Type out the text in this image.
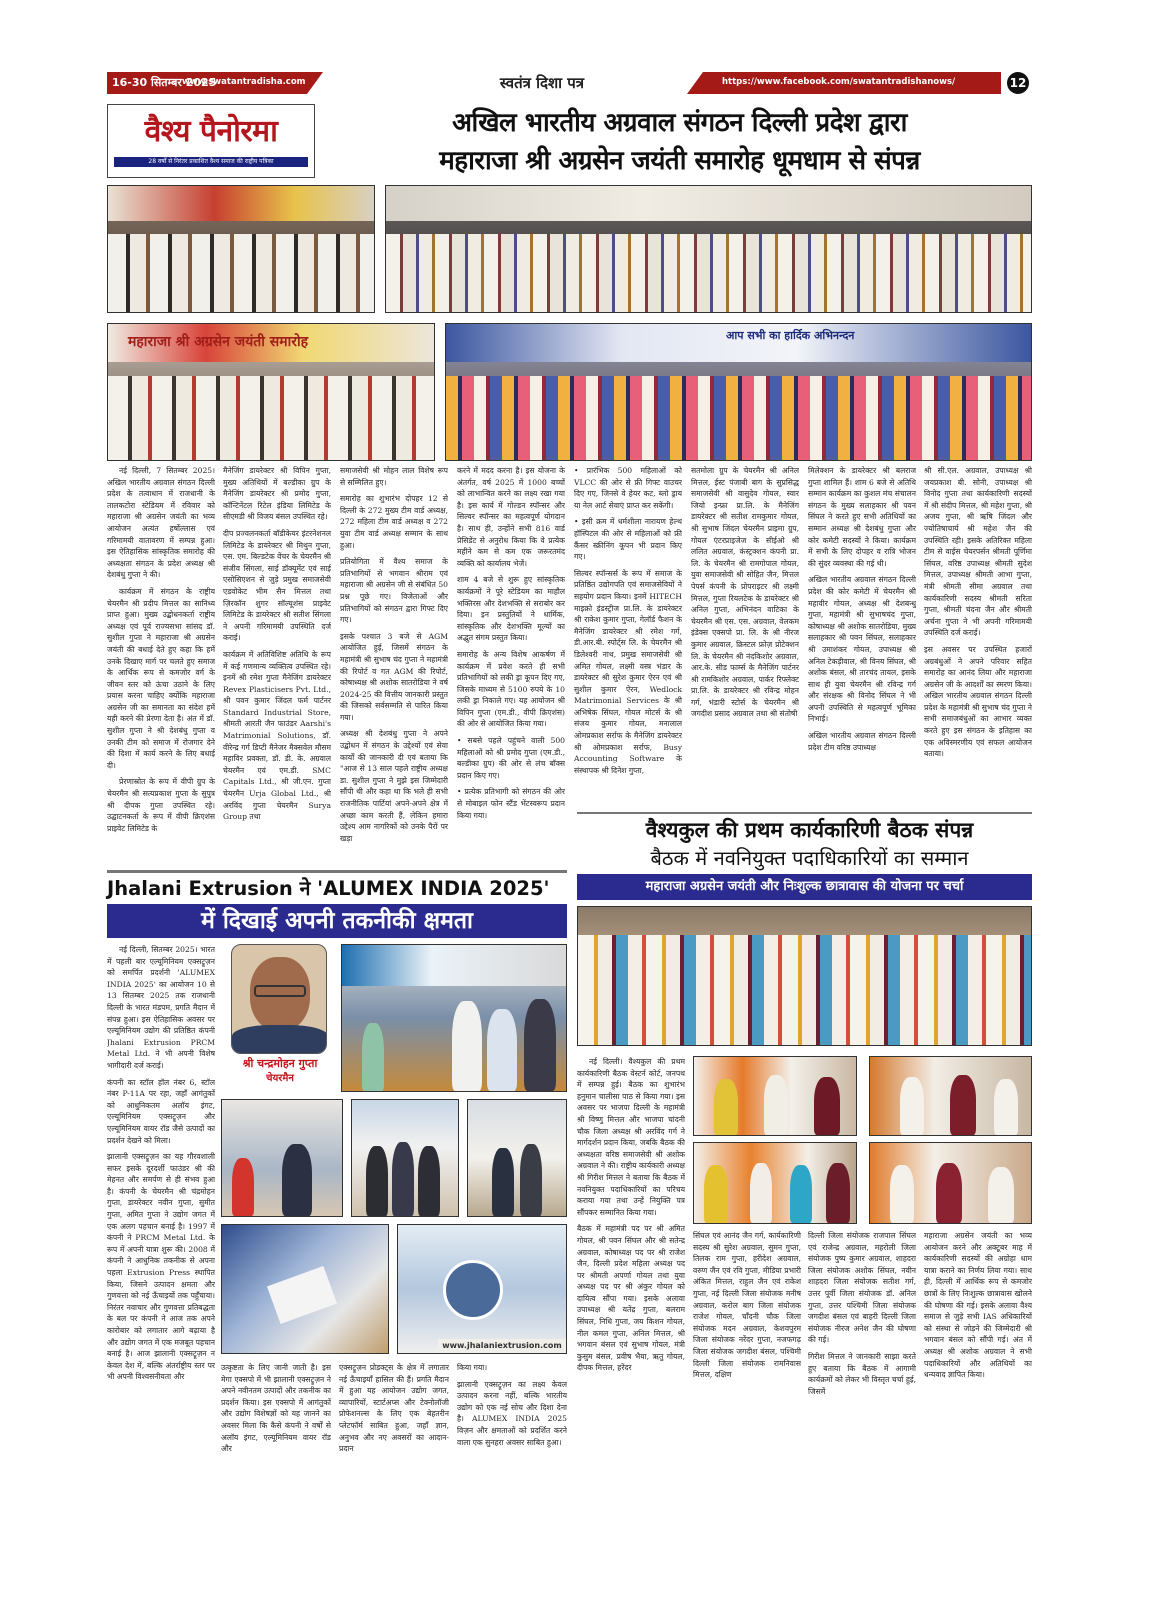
16-30 सितम्बर 2025
www.swatantradisha.com	स्वतंत्र दिशा पत्र	https://www.facebook.com/swatantradishanows/	12
वैश्य पैनोरमा
28 वर्षों से निरंतर प्रकाशित वैश्य समाज की राष्ट्रीय पत्रिका
अखिल भारतीय अग्रवाल संगठन दिल्ली प्रदेश द्वारा
महाराजा श्री अग्रसेन जयंती समारोह धूमधाम से संपन्न
महाराजा श्री अग्रसेन जयंती समारोह	आप सभी का हार्दिक अभिनन्दन

नई दिल्ली, 7 सितम्बर 2025। अखिल भारतीय अग्रवाल संगठन दिल्ली प्रदेश के तत्वाधान में राजधानी के तालकटोरा स्टेडियम में रविवार को महाराजा श्री अग्रसेन जयंती का भव्य आयोजन अत्यंत हर्षोल्लास एवं गरिमामयी वातावरण में सम्पन्न हुआ। इस ऐतिहासिक सांस्कृतिक समारोह की अध्यक्षता संगठन के प्रदेश अध्यक्ष श्री देशबंधु गुप्ता ने की।

कार्यक्रम में संगठन के राष्ट्रीय चेयरमैन श्री प्रदीप मित्तल का सानिध्य प्राप्त हुआ। मुख्य उद्बोधनकर्ता राष्ट्रीय अध्यक्ष एवं पूर्व राज्यसभा सांसद डॉ. सुशील गुप्ता ने महाराजा श्री अग्रसेन जयंती की बधाई देते हुए कहा कि हमें उनके दिखाए मार्ग पर चलते हुए समाज के आर्थिक रूप से कमजोर वर्ग के जीवन स्तर को ऊंचा उठाने के लिए प्रयास करना चाहिए क्योंकि महाराजा अग्रसेन जी का समानता का संदेश हमें यही करने की प्रेरणा देता है। अंत में डॉ. सुशील गुप्ता ने श्री देशबंधु गुप्ता व उनकी टीम को समाज में रोजगार देने की दिशा में कार्य करने के लिए बधाई दी।

प्रेरणास्रोत के रूप में वीपी ग्रुप के चेयरमैन श्री सत्यप्रकाश गुप्ता के सुपुत्र श्री दीपक गुप्ता उपस्थित रहे। उद्घाटनकर्ता के रूप में वीपी क्रिएशंस प्राइवेट लिमिटेड के

मैनेजिंग डायरेक्टर श्री विपिन गुप्ता, मुख्य अतिथियों में बल्डीका ग्रुप के मैनेजिंग डायरेक्टर श्री प्रमोद गुप्ता, कॉन्टिनेंटल रिटेल इंडिया लिमिटेड के सीएमडी श्री विजय बंसल उपस्थित रहे।

दीप प्रज्वलनकर्ता बॉडीकेयर इंटरनेशनल लिमिटेड के डायरेक्टर श्री मिथुन गुप्ता, एस. एम. बिल्डटेक वेंचर के चेयरमैन श्री संजीव सिंगला, साई डॉक्यूमेंट एवं साई एसोसिएशन से जुड़े प्रमुख समाजसेवी एडवोकेट भीम सैन मित्तल तथा ज़िरकॉन शुगर सॉल्यूशंस प्राइवेट लिमिटेड के डायरेक्टर श्री सतीश सिंगला ने अपनी गरिमामयी उपस्थिति दर्ज कराई।

कार्यक्रम में अतिविशिष्ट अतिथि के रूप में कई गणमान्य व्यक्तित्व उपस्थित रहे। इनमें श्री रमेश गुप्ता मैनेजिंग डायरेक्टर Revex Plasticisers Pvt. Ltd., श्री पवन कुमार जिंदल फर्म पार्टनर Standard Industrial Store, श्रीमती आरती जैन फाउंडर Aarshi's Matrimonial Solutions, डॉ. वीरेन्द्र गर्ग डिप्टी मैनेजर मैक्सवेल मौसम महाविर प्रवक्ता, डॉ. डी. के. अग्रवाल चेयरमैन एवं एम.डी. SMC Capitals Ltd., श्री जी.एन. गुप्ता चेयरमैन Urja Global Ltd., श्री अरविंद गुप्ता चेयरमैन Surya Group तथा

समाजसेवी श्री मोहन लाल विशेष रूप से सम्मिलित हुए।

समारोह का शुभारंभ दोपहर 12 से दिल्ली के 272 मुख्य टीम वार्ड अध्यक्ष, 272 महिला टीम वार्ड अध्यक्ष व 272 युवा टीम वार्ड अध्यक्ष सम्मान के साथ हुआ।

प्रतियोगिता में वैश्य समाज के प्रतिभागियों से भगवान श्रीराम एवं महाराजा श्री अग्रसेन जी से संबंधित 50 प्रश्न पूछे गए। विजेताओं और प्रतिभागियों को संगठन द्वारा गिफ्ट दिए गए।

इसके पश्चात 3 बजे से AGM आयोजित हुई, जिसमें संगठन के महामंत्री श्री सुभाष चंद गुप्ता ने महामंत्री की रिपोर्ट व गत AGM की रिपोर्ट, कोषाध्यक्ष श्री अशोक सातरोडिया ने वर्ष 2024-25 की वित्तीय जानकारी प्रस्तुत की जिसको सर्वसम्मति से पारित किया गया।

अध्यक्ष श्री देशबंधु गुप्ता ने अपने उद्बोधन में संगठन के उद्देश्यों एवं सेवा कार्यों की जानकारी दी एवं बताया कि "आज से 13 साल पहले राष्ट्रीय अध्यक्ष डा. सुशील गुप्ता ने मुझे इस जिम्मेदारी सौंपी थी और कहा था कि भले ही सभी राजनीतिक पार्टियां अपने-अपने क्षेत्र में अच्छा काम करती हैं, लेकिन हमारा उद्देश्य आम नागरिकों को उनके पैरों पर खड़ा

करने में मदद करना है। इस योजना के अंतर्गत, वर्ष 2025 में 1000 बच्चों को लाभान्वित करने का लक्ष्य रखा गया है। इस कार्य में गोल्डन स्पॉन्सर और सिल्वर स्पॉन्सर का महत्वपूर्ण योगदान है। साथ ही, उन्होंने सभी 816 वार्ड प्रेसिडेंट से अनुरोध किया कि वे प्रत्येक महीने कम से कम एक जरूरतमंद व्यक्ति को कार्यालय भेजें।

शाम 4 बजे से शुरू हुए सांस्कृतिक कार्यक्रमों ने पूरे स्टेडियम का माहौल भक्तिरस और देशभक्ति से सराबोर कर दिया। इन प्रस्तुतियों ने धार्मिक, सांस्कृतिक और देशभक्ति मूल्यों का अद्भुत संगम प्रस्तुत किया।

समारोह के अन्य विशेष आकर्षण में कार्यक्रम में प्रवेश करते ही सभी प्रतिभागियों को लकी ड्रा कूपन दिए गए, जिसके माध्यम से 5100 रुपये के 10 लकी ड्रा निकाले गए। यह आयोजन श्री विपिन गुप्ता (एम.डी., वीपी क्रिएशंस) की ओर से आयोजित किया गया।

• सबसे पहले पहुंचने वाली 500 महिलाओं को श्री प्रमोद गुप्ता (एम.डी., बल्डीका ग्रुप) की ओर से लंच बॉक्स प्रदान किए गए।

• प्रत्येक प्रतिभागी को संगठन की ओर से मोबाइल फोन स्टैंड भेंटस्वरूप प्रदान किया गया।

• प्रारंभिक 500 महिलाओं को VLCC की ओर से फ्री गिफ्ट वाउचर दिए गए, जिनसे वे हेयर कट, ब्लो ड्राय या नेल आर्ट सेवाएं प्राप्त कर सकेंगी।

• इसी क्रम में धर्मशीला नारायण हेल्थ हॉस्पिटल की ओर से महिलाओं को फ्री कैंसर स्क्रीनिंग कूपन भी प्रदान किए गए।

सिल्वर स्पॉन्सर्स के रूप में समाज के प्रतिष्ठित उद्योगपति एवं समाजसेवियों ने सहयोग प्रदान किया। इनमें HITECH माइक्रो इंडस्ट्रीज प्रा.लि. के डायरेक्टर श्री राकेश कुमार गुप्ता, गेलॉर्ड फैशन के मैनेजिंग डायरेक्टर श्री रमेश गर्ग, डी.आर.बी. स्पोर्ट्स लि. के चेयरमैन श्री डिलेश्वरी नाथ, प्रमुख समाजसेवी श्री अमित गोयल, लक्ष्मी वस्त्र भंडार के डायरेक्टर श्री सुरेश कुमार ऐरन एवं श्री सुशील कुमार ऐरन, Wedlock Matrimonial Services के श्री अभिषेक सिंघल, गोयल मोटर्स के श्री संजय कुमार गोयल, मनालाल ओमप्रकाश सर्राफ के मैनेजिंग डायरेक्टर श्री ओमप्रकाश सर्राफ, Busy Accounting Software के संस्थापक श्री दिनेश गुप्ता,

सतमोला ग्रुप के चेयरमैन श्री अनिल मित्तल, ईस्ट पंजाबी बाग के सुप्रसिद्ध समाजसेवी श्री वासुदेव गोयल, स्वार जियो इन्फ्रा प्रा.लि. के मैनेजिंग डायरेक्टर श्री सतीश रामकुमार गोयल, श्री सुभाष जिंदल चेयरमैन प्राइमा ग्रुप, गोयल एंटरप्राइजेज के सीईओ श्री ललित अग्रवाल, कंस्ट्रक्शन कंपनी प्रा. लि. के चेयरमैन श्री रामगोपाल गोयल, युवा समाजसेवी श्री सोहित जैन, मित्तल पेपर्स कंपनी के प्रोपराइटर श्री लक्ष्मी मित्तल, गुप्ता रियलटेक के डायरेक्टर श्री अनिल गुप्ता, अभिनंदन वाटिका के चेयरमैन श्री एस. एस. अग्रवाल, वेलकम इंडेक्स एक्सपो प्रा. लि. के श्री नीरज कुमार अग्रवाल, क्रिस्टल फ्रोज़ प्रोटेक्शन लि. के चेयरमैन श्री नंदकिशोर अग्रवाल, आर.के. सीड फार्म्स के मैनेजिंग पार्टनर श्री रामकिशोर अग्रवाल, पार्कर रिफ्लेक्ट प्रा.लि. के डायरेक्टर श्री रविन्द्र मोहन गर्ग, भंडारी स्टोर्स के चेयरमैन श्री जगदीश प्रसाद अग्रवाल तथा श्री संतोषी

मिलेक्शन के डायरेक्टर श्री बलराज गुप्ता शामिल हैं। शाम 6 बजे से अतिथि सम्मान कार्यक्रम का कुशल मंच संचालन संगठन के मुख्य सलाहकार श्री पवन सिंघल ने करते हुए सभी अतिथियों का सम्मान अध्यक्ष श्री देशबंधु गुप्ता और कोर कमेटी सदस्यों ने किया। कार्यक्रम में सभी के लिए दोपहर व रात्रि भोजन की सुंदर व्यवस्था की गई थी।

अखिल भारतीय अग्रवाल संगठन दिल्ली प्रदेश की कोर कमेटी में चेयरमैन श्री महावीर गोयल, अध्यक्ष श्री देशबन्धु गुप्ता, महामंत्री श्री सुभाषचंद गुप्ता, कोषाध्यक्ष श्री अशोक सातरोडिया, मुख्य सलाहकार श्री पवन सिंघल, सलाहकार श्री उमाशंकर गोयल, उपाध्यक्ष श्री अनिल टेकड़ीवाल, श्री विनय सिंघल, श्री अशोक बंसल, श्री तारचंद तायल, इसके साथ ही युवा चेयरमैन श्री रविन्द्र गर्ग और संरक्षक श्री विनोद सिंघल ने भी अपनी उपस्थिति से महत्वपूर्ण भूमिका निभाई।

अखिल भारतीय अग्रवाल संगठन दिल्ली प्रदेश टीम वरिष्ठ उपाध्यक्ष

श्री सी.एल. अग्रवाल, उपाध्यक्ष श्री जयप्रकाश बी. सोनी, उपाध्यक्ष श्री विनोद गुप्ता तथा कार्यकारिणी सदस्यों में श्री संदीप मित्तल, श्री महेश गुप्ता, श्री अजय गुप्ता, श्री ऋषि जिंदल और ज्योतिषाचार्य श्री महेश जैन की उपस्थिति रही। इसके अतिरिक्त महिला टीम से वाईस चेयरपर्सन श्रीमती पूर्णिमा सिंघल, वरिष्ठ उपाध्यक्ष श्रीमती सुदेश मित्तल, उपाध्यक्ष श्रीमती आभा गुप्ता, मंत्री श्रीमती सीमा अग्रवाल तथा कार्यकारिणी सदस्य श्रीमती सरिता गुप्ता, श्रीमती चंदना जैन और श्रीमती अर्चना गुप्ता ने भी अपनी गरिमामयी उपस्थिति दर्ज कराई।

इस अवसर पर उपस्थित हजारों अग्रबंधुओं ने अपने परिवार सहित समारोह का आनंद लिया और महाराजा अग्रसेन जी के आदर्शों का स्मरण किया। अखिल भारतीय अग्रवाल संगठन दिल्ली प्रदेश के महामंत्री श्री सुभाष चंद गुप्ता ने सभी समाजबंधुओं का आभार व्यक्त करते हुए इस संगठन के इतिहास का एक अविस्मरणीय एवं सफल आयोजन बताया।

वैश्यकुल की प्रथम कार्यकारिणी बैठक संपन्न
बैठक में नवनियुक्त पदाधिकारियों का सम्मान
महाराजा अग्रसेन जयंती और निःशुल्क छात्रावास की योजना पर चर्चा
Jhalani Extrusion ने 'ALUMEX INDIA 2025'
में दिखाई अपनी तकनीकी क्षमता
श्री चन्द्रमोहन गुप्ता
चेयरमैन
www.jhalaniextrusion.com

नई दिल्ली, सितम्बर 2025। भारत में पहली बार एल्यूमिनियम एक्सट्रूज़न को समर्पित प्रदर्शनी 'ALUMEX INDIA 2025' का आयोजन 10 से 13 सितम्बर 2025 तक राजधानी दिल्ली के भारत मंडपम, प्रगति मैदान में संपन्न हुआ। इस ऐतिहासिक अवसर पर एल्यूमिनियम उद्योग की प्रतिष्ठित कंपनी Jhalani Extrusion PRCM Metal Ltd. ने भी अपनी विशेष भागीदारी दर्ज कराई।

कंपनी का स्टॉल हॉल नंबर 6, स्टॉल नंबर P-11A पर रहा, जहाँ आगंतुकों को आधुनिकतम अलॉय इंगट, एल्यूमिनियम एक्सट्रूज़न और एल्यूमिनियम वायर रॉड जैसे उत्पादों का प्रदर्शन देखने को मिला।

झालानी एक्सट्रूज़न का यह गौरवशाली सफर इसके दूरदर्शी फाउंडर श्री की मेहनत और समर्पण से ही संभव हुआ है। कंपनी के चेयरमैन श्री चंद्रमोहन गुप्ता, डायरेक्टर नवीन गुप्ता, सुमीत गुप्ता, अमित गुप्ता ने उद्योग जगत में एक अलग पहचान बनाई है। 1997 में कंपनी ने PRCM Metal Ltd. के रूप में अपनी यात्रा शुरू की। 2008 में कंपनी ने आधुनिक तकनीक से अपना पहला Extrusion Press स्थापित किया, जिसने उत्पादन क्षमता और गुणवत्ता को नई ऊँचाइयों तक पहुँचाया। निरंतर नवाचार और गुणवत्ता प्रतिबद्धता के बल पर कंपनी ने आज तक अपने कारोबार को लगातार आगे बढ़ाया है और उद्योग जगत में एक मजबूत पहचान बनाई है। आज झालानी एक्सट्रूज़न न केवल देश में, बल्कि अंतर्राष्ट्रीय स्तर पर भी अपनी विश्वसनीयता और

उत्कृष्टता के लिए जानी जाती है। इस मेगा एक्सपो में भी झालानी एक्सट्रूज़न ने अपने नवीनतम उत्पादों और तकनीक का प्रदर्शन किया। इस एक्सपो में आगंतुकों और उद्योग विशेषज्ञों को यह जानने का अवसर मिला कि कैसे कंपनी ने वर्षों से अलॉय इंगट, एल्यूमिनियम वायर रॉड और

एक्सट्रूज़न प्रोडक्ट्स के क्षेत्र में लगातार नई ऊँचाइयाँ हासिल की हैं। प्रगति मैदान में हुआ यह आयोजन उद्योग जगत, व्यापारियों, स्टार्टअप्स और टेक्नोलॉजी प्रोफेशनल्स के लिए एक बेहतरीन प्लेटफॉर्म साबित हुआ, जहाँ ज्ञान, अनुभव और नए अवसरों का आदान-प्रदान

किया गया।

झालानी एक्सट्रूज़न का लक्ष्य केवल उत्पादन करना नहीं, बल्कि भारतीय उद्योग को एक नई सोच और दिशा देना है। ALUMEX INDIA 2025 विज़न और क्षमताओं को प्रदर्शित करने वाला एक सुनहरा अवसर साबित हुआ।

नई दिल्ली। वैश्यकुल की प्रथम कार्यकारिणी बैठक वेस्टर्न कोर्ट, जनपथ में सम्पन्न हुई। बैठक का शुभारंभ हनुमान चालीसा पाठ से किया गया। इस अवसर पर भाजपा दिल्ली के महामंत्री श्री विष्णु मित्तल और भाजपा चांदनी चौक जिला अध्यक्ष श्री अरविंद गर्ग ने मार्गदर्शन प्रदान किया, जबकि बैठक की अध्यक्षता वरिष्ठ समाजसेवी श्री अशोक अग्रवाल ने की। राष्ट्रीय कार्यकारी अध्यक्ष श्री गिरीश मित्तल ने बताया कि बैठक में नवनियुक्त पदाधिकारियों का परिचय कराया गया तथा उन्हें नियुक्ति पत्र सौंपकर सम्मानित किया गया।

बैठक में महामंत्री पद पर श्री अमित गोयल, श्री पवन सिंघल और श्री सतेन्द्र अग्रवाल, कोषाध्यक्ष पद पर श्री राजेश जैन, दिल्ली प्रदेश महिला अध्यक्ष पद पर श्रीमती अपर्णा गोयल तथा युवा अध्यक्ष पद पर श्री अंकुर गोयल को दायित्व सौंपा गया। इसके अलावा उपाध्यक्ष श्री यतेंद्र गुप्ता, बलराम सिंघल, निधि गुप्ता, जय किशन गोयल, नील कमल गुप्ता, अनिल मित्तल, श्री भगवान बंसल एवं सुभाष गोयल, मंत्री कुसुम बंसल, प्रवीष भैया, ऋतु गोयल, दीपक मित्तल, हरेंदर

सिंघल एवं आनंद जैन गर्ग, कार्यकारिणी सदस्य श्री सुरेश अग्रवाल, सुमन गुप्ता, तिलक राम गुप्ता, हरीदेश अग्रवाल, वरुण जैन एवं रवि गुप्ता, मीडिया प्रभारी अंकित मित्तल, राहुल जैन एवं राकेश गुप्ता, नई दिल्ली जिला संयोजक मनीष अग्रवाल, करोल बाग जिला संयोजक राजेश गोयल, चाँदनी चौक जिला संयोजक मदन अग्रवाल, केशवपुरम जिला संयोजक नरेंदर गुप्ता, नजफगढ़ जिला संयोजक जगदीश बंसल, पश्चिमी दिल्ली जिला संयोजक रामनिवास मित्तल, दक्षिण

दिल्ली जिला संयोजक राजपाल सिंघल एवं राजेन्द्र अग्रवाल, महरोली जिला संयोजक पुष्प कुमार अग्रवाल, शाहदरा जिला संयोजक अशोक सिंघल, नवीन शाहदरा जिला संयोजक सतीश गर्ग, उत्तर पूर्वी जिला संयोजक डॉ. अनिल गुप्ता, उत्तर पश्चिमी जिला संयोजक जगदीश बंसल एवं बाहरी दिल्ली जिला संयोजक नीरज अनेश जैन की घोषणा की गई।

गिरीश मित्तल ने जानकारी साझा करते हुए बताया कि बैठक में आगामी कार्यक्रमों को लेकर भी विस्तृत चर्चा हुई, जिसमें

महाराजा अग्रसेन जयंती का भव्य आयोजन करने और अक्टूबर माह में कार्यकारिणी सदस्यों की अग्रोहा धाम यात्रा कराने का निर्णय लिया गया। साथ ही, दिल्ली में आर्थिक रूप से कमजोर छात्रों के लिए निःशुल्क छात्रावास खोलने की घोषणा की गई। इसके अलावा वैश्य समाज से जुड़े सभी IAS अधिकारियों को संस्था से जोड़ने की जिम्मेदारी श्री भगवान बंसल को सौंपी गई। अंत में अध्यक्ष श्री अशोक अग्रवाल ने सभी पदाधिकारियों और अतिथियों का धन्यवाद ज्ञापित किया।
